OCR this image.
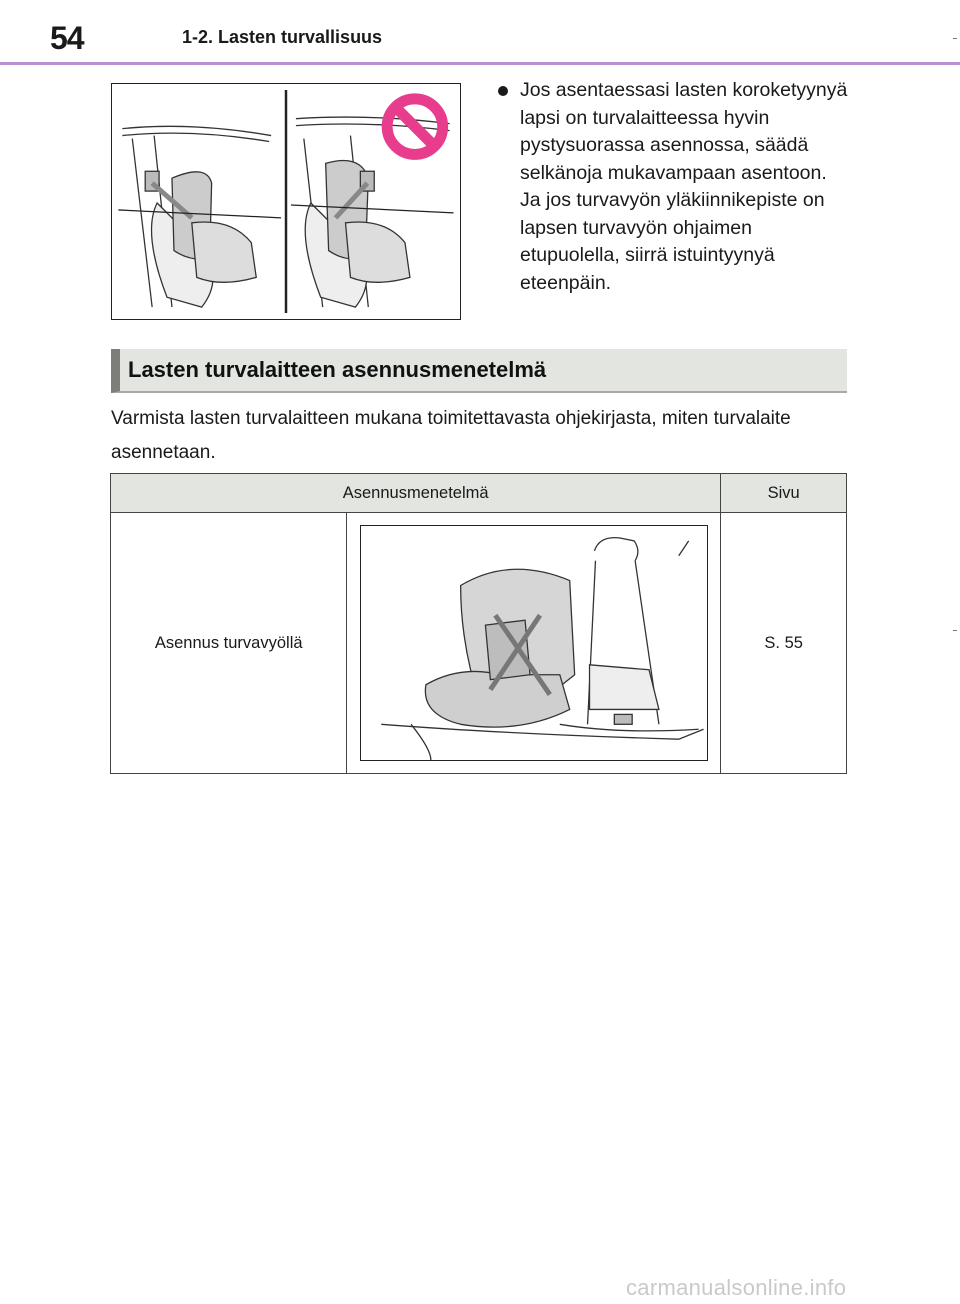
54	1-2. Lasten turvallisuus
Jos asentaessasi lasten koroketyynyä lapsi on turvalaitteessa hyvin pystysuorassa asennossa, säädä selkänoja mukavampaan asentoon. Ja jos turvavyön yläkiinnikepiste on lapsen turvavyön ohjaimen etupuolella, siirrä istuintyynyä eteenpäin.
Lasten turvalaitteen asennusmenetelmä
Varmista lasten turvalaitteen mukana toimitettavasta ohjekirjasta, miten turvalaite asennetaan.
Asennusmenetelmä		Sivu
Asennus turvavyöllä		S. 55
carmanualsonline.info
